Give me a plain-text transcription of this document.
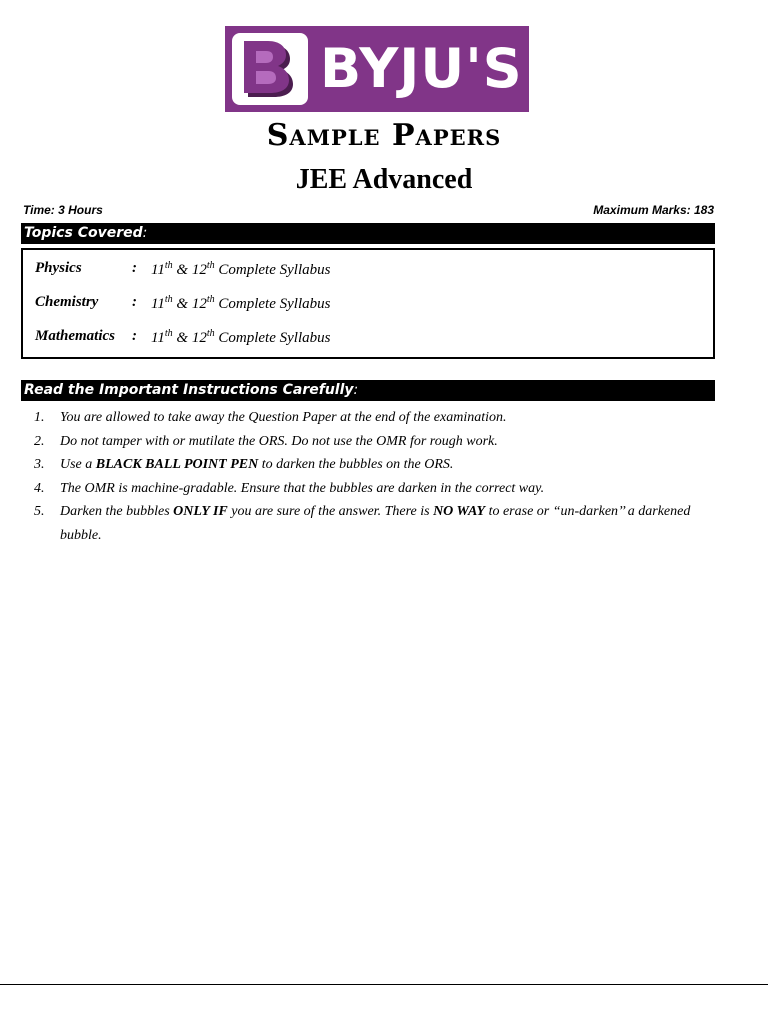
BYJU'S
Sample Papers
JEE Advanced
Time: 3 Hours	Maximum Marks: 183
Topics Covered:
Physics	: 11th & 12th Complete Syllabus
Chemistry	: 11th & 12th Complete Syllabus
Mathematics	: 11th & 12th Complete Syllabus
Read the Important Instructions Carefully:
1. You are allowed to take away the Question Paper at the end of the examination.
2. Do not tamper with or mutilate the ORS. Do not use the OMR for rough work.
3. Use a BLACK BALL POINT PEN to darken the bubbles on the ORS.
4. The OMR is machine-gradable. Ensure that the bubbles are darken in the correct way.
5. Darken the bubbles ONLY IF you are sure of the answer. There is NO WAY to erase or “un-darken’’ a darkened bubble.
